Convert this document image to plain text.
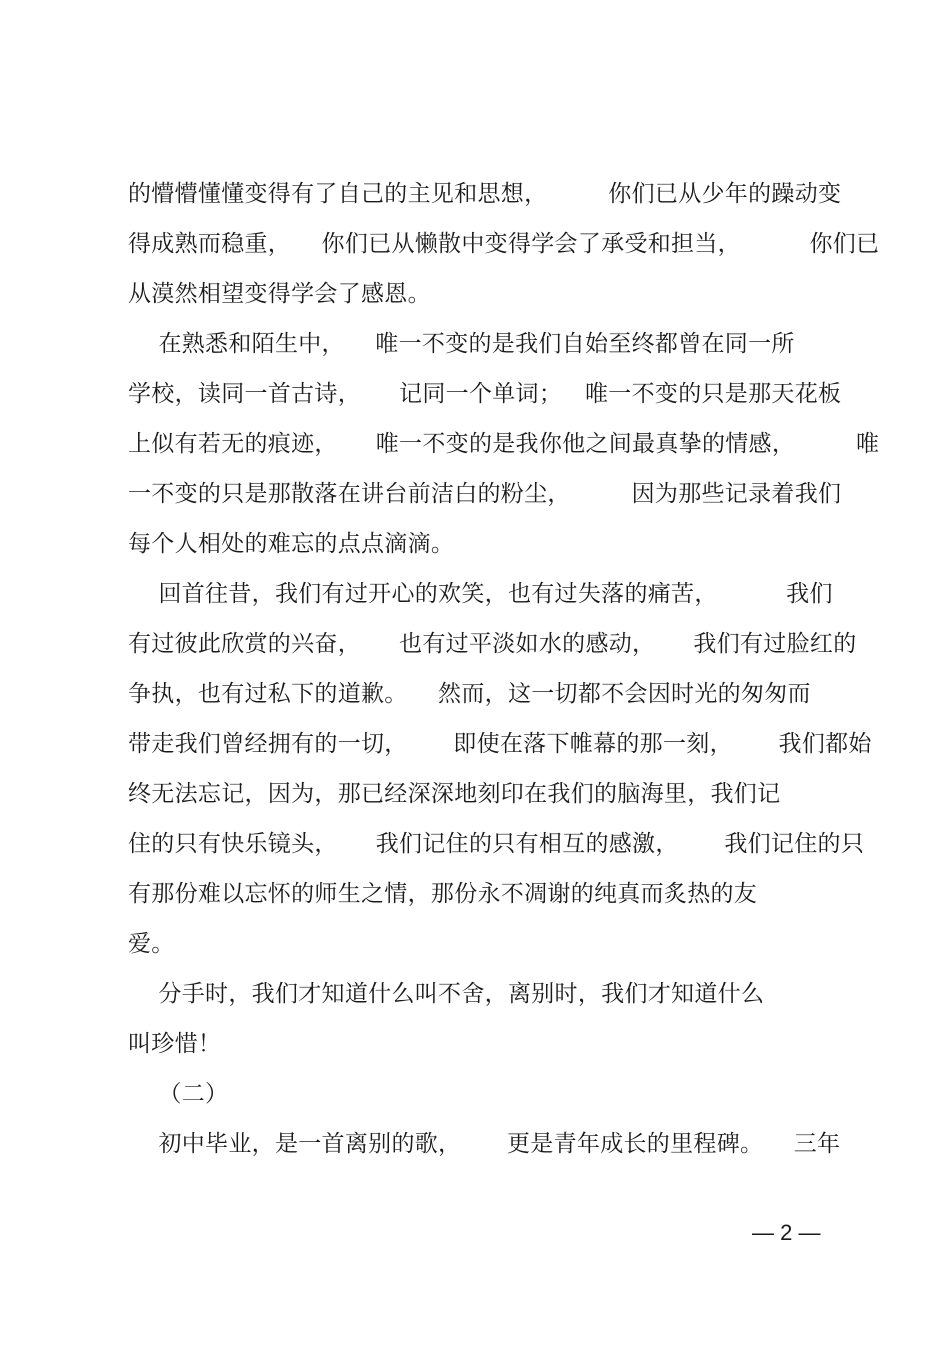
的懵懵懂懂变得有了自己的主见和思想，        你们已从少年的躁动变
得成熟而稳重，    你们已从懒散中变得学会了承受和担当，         你们已
从漠然相望变得学会了感恩。
在熟悉和陌生中，    唯一不变的是我们自始至终都曾在同一所
学校，读同一首古诗，     记同一个单词；   唯一不变的只是那天花板
上似有若无的痕迹，     唯一不变的是我你他之间最真挚的情感，        唯
一不变的只是那散落在讲台前洁白的粉尘，        因为那些记录着我们
每个人相处的难忘的点点滴滴。
回首往昔，我们有过开心的欢笑，也有过失落的痛苦，         我们
有过彼此欣赏的兴奋，     也有过平淡如水的感动，     我们有过脸红的
争执，也有过私下的道歉。    然而，这一切都不会因时光的匆匆而
带走我们曾经拥有的一切，      即使在落下帷幕的那一刻，      我们都始
终无法忘记，因为，那已经深深地刻印在我们的脑海里，我们记
住的只有快乐镜头，     我们记住的只有相互的感激，      我们记住的只
有那份难以忘怀的师生之情，那份永不凋谢的纯真而炙热的友
爱。
分手时，我们才知道什么叫不舍，离别时，我们才知道什么
叫珍惜！
（二）
初中毕业，是一首离别的歌，      更是青年成长的里程碑。    三年
— 2 —
